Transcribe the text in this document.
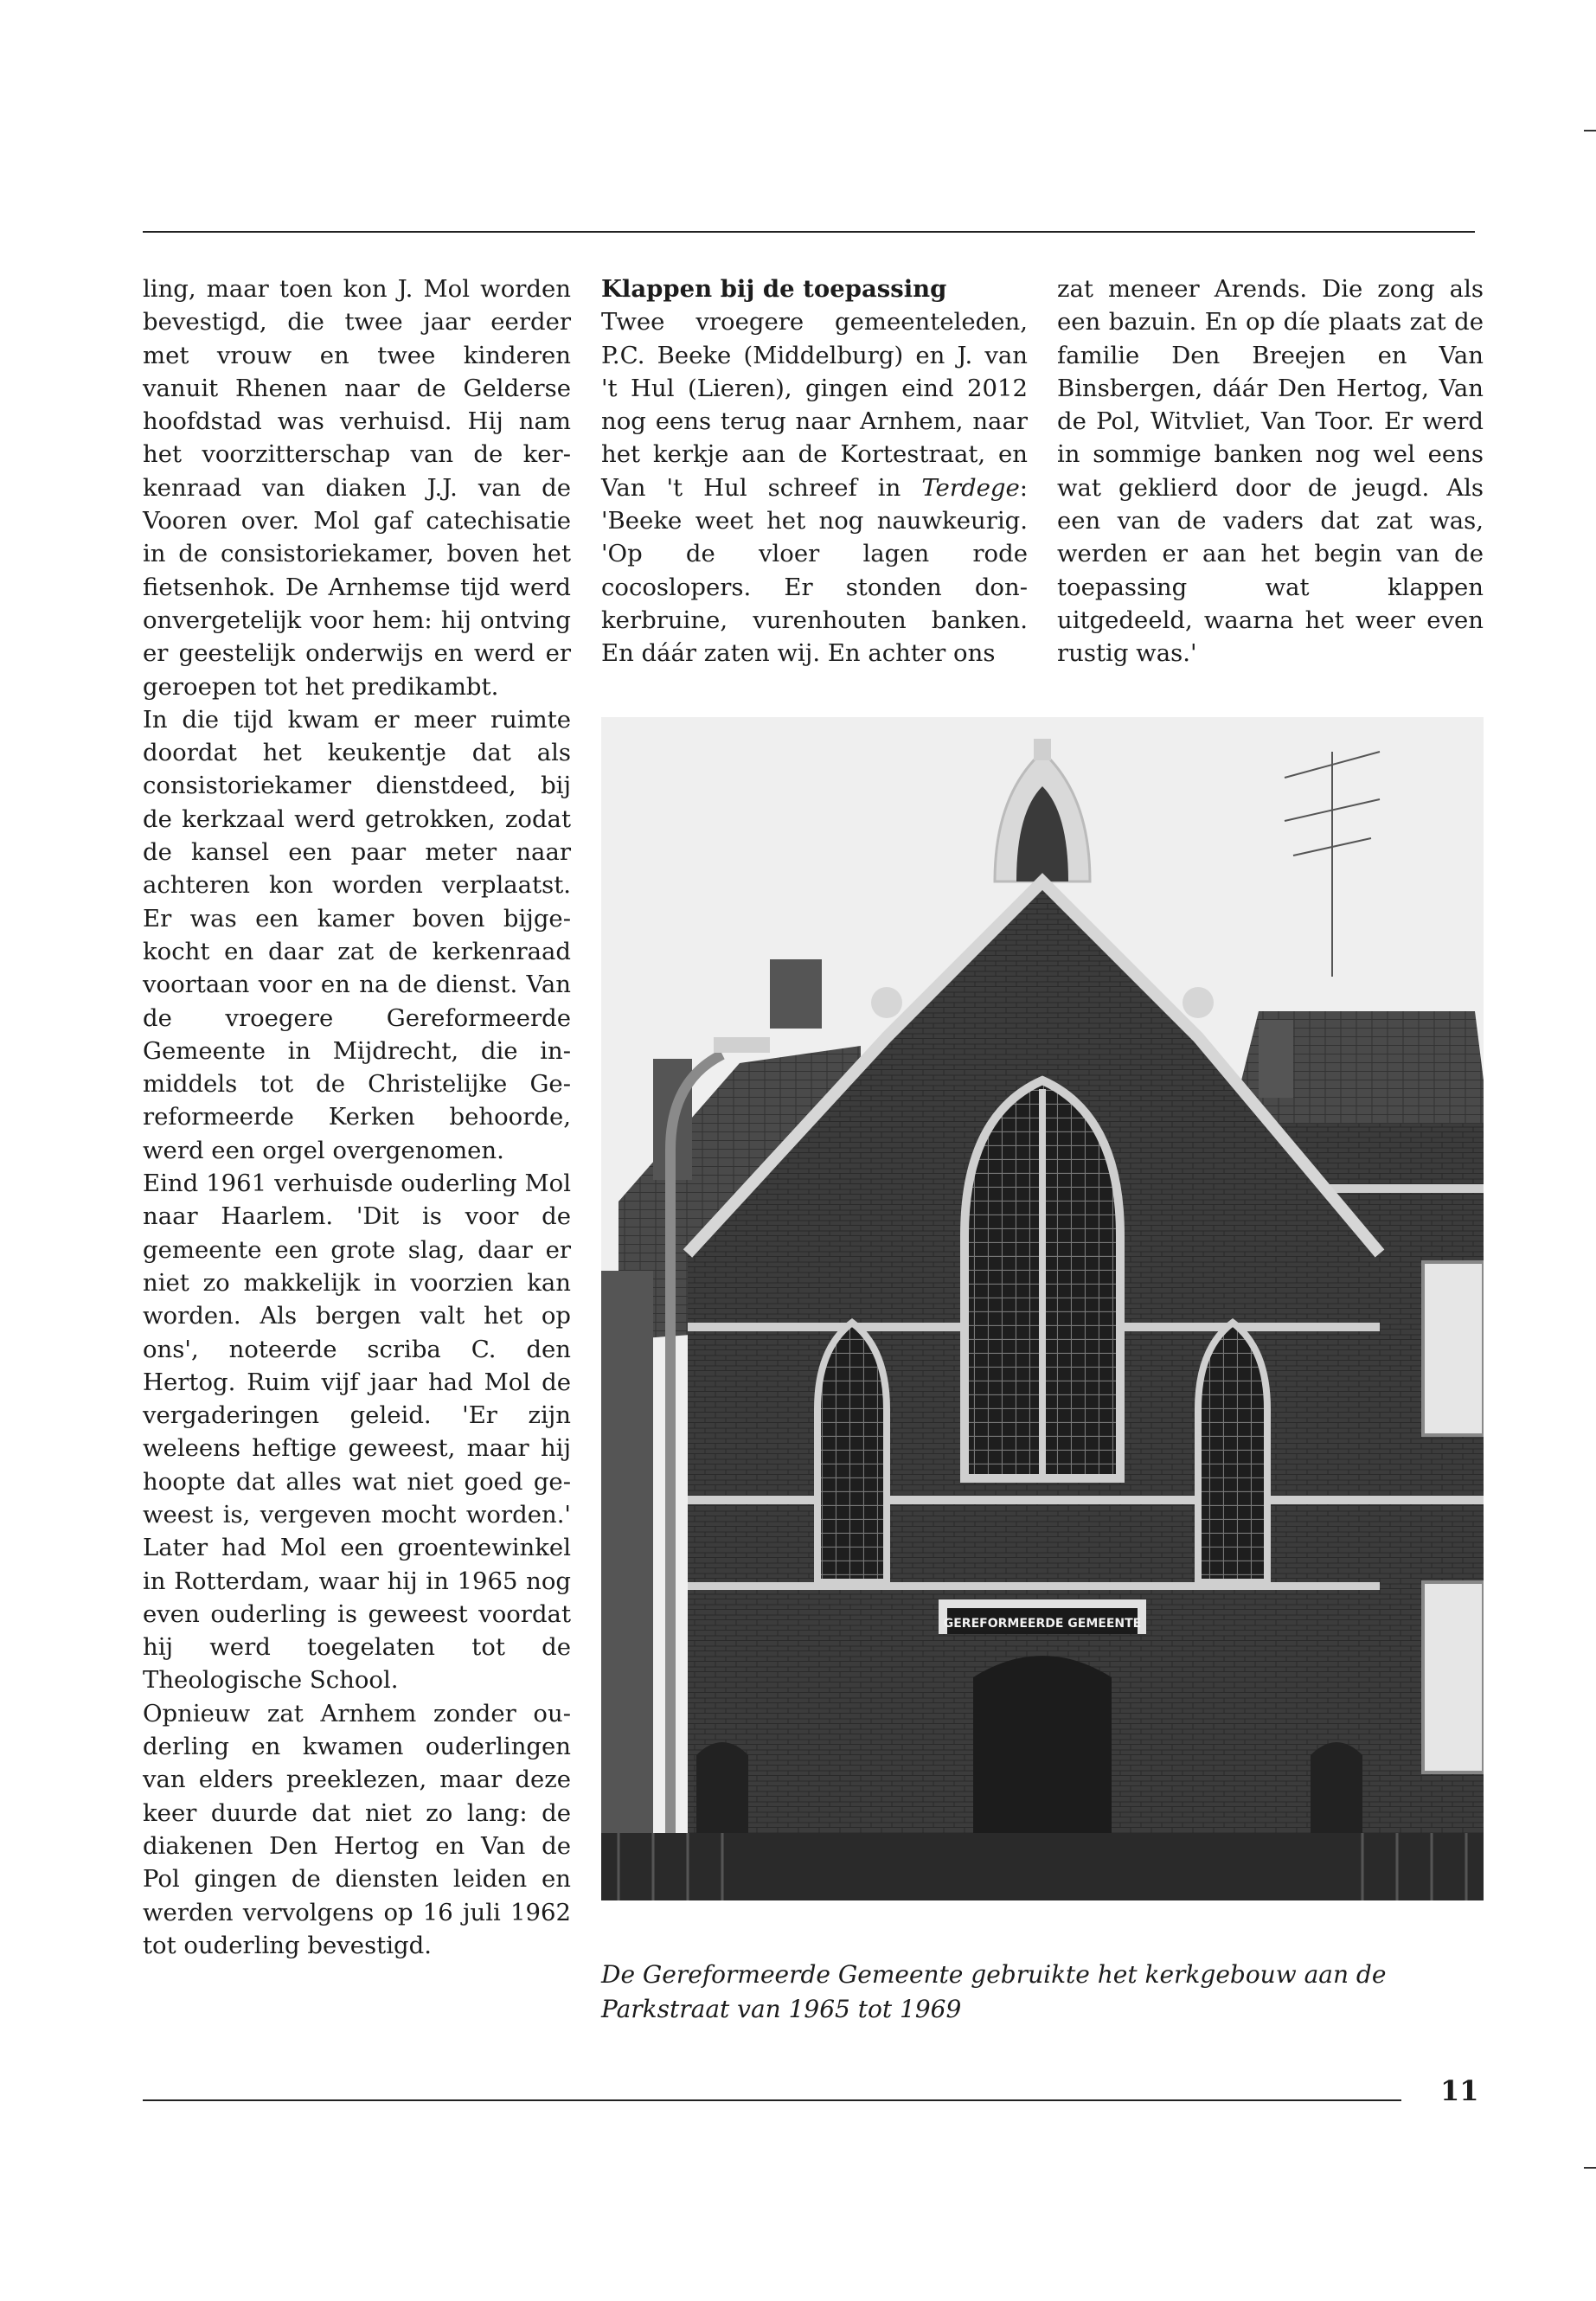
ling, maar toen kon J. Mol worden bevestigd, die twee jaar eerder met vrouw en twee kinderen vanuit Rhenen naar de Gelderse hoofdstad was verhuisd. Hij nam het voorzitterschap van de kerkenraad van diaken J.J. van de Vooren over. Mol gaf catechisatie in de consistoriekamer, boven het fietsenhok. De Arnhemse tijd werd onvergetelijk voor hem: hij ontving er geestelijk onderwijs en werd er geroepen tot het predikambt.

In die tijd kwam er meer ruimte doordat het keukentje dat als consistoriekamer dienstdeed, bij de kerkzaal werd getrokken, zodat de kansel een paar meter naar achteren kon worden verplaatst. Er was een kamer boven bijgekocht en daar zat de kerkenraad voortaan voor en na de dienst. Van de vroegere Gereformeerde Gemeente in Mijdrecht, die inmiddels tot de Christelijke Gereformeerde Kerken behoorde, werd een orgel overgenomen.

Eind 1961 verhuisde ouderling Mol naar Haarlem. 'Dit is voor de gemeente een grote slag, daar er niet zo makkelijk in voorzien kan worden. Als bergen valt het op ons', noteerde scriba C. den Hertog. Ruim vijf jaar had Mol de vergaderingen geleid. 'Er zijn weleens heftige geweest, maar hij hoopte dat alles wat niet goed geweest is, vergeven mocht worden.' Later had Mol een groentewinkel in Rotterdam, waar hij in 1965 nog even ouderling is geweest voordat hij werd toegelaten tot de Theologische School.

Opnieuw zat Arnhem zonder ouderling en kwamen ouderlingen van elders preeklezen, maar deze keer duurde dat niet zo lang: de diakenen Den Hertog en Van de Pol gingen de diensten leiden en werden vervolgens op 16 juli 1962 tot ouderling bevestigd.

Klappen bij de toepassing

Twee vroegere gemeenteleden, P.C. Beeke (Middelburg) en J. van 't Hul (Lieren), gingen eind 2012 nog eens terug naar Arnhem, naar het kerkje aan de Kortestraat, en Van 't Hul schreef in Terdege: 'Beeke weet het nog nauwkeurig. 'Op de vloer lagen rode cocoslopers. Er stonden donkerbruine, vurenhouten banken. En dáár zaten wij. En achter ons

zat meneer Arends. Die zong als een bazuin. En op díe plaats zat de familie Den Breejen en Van Binsbergen, dáár Den Hertog, Van de Pol, Witvliet, Van Toor. Er werd in sommige banken nog wel eens wat geklierd door de jeugd. Als een van de vaders dat zat was, werden er aan het begin van de toepassing wat klappen uitgedeeld, waarna het weer even rustig was.'

GEREFORMEERDE GEMEENTE

De Gereformeerde Gemeente gebruikte het kerkgebouw aan de Parkstraat van 1965 tot 1969

11
